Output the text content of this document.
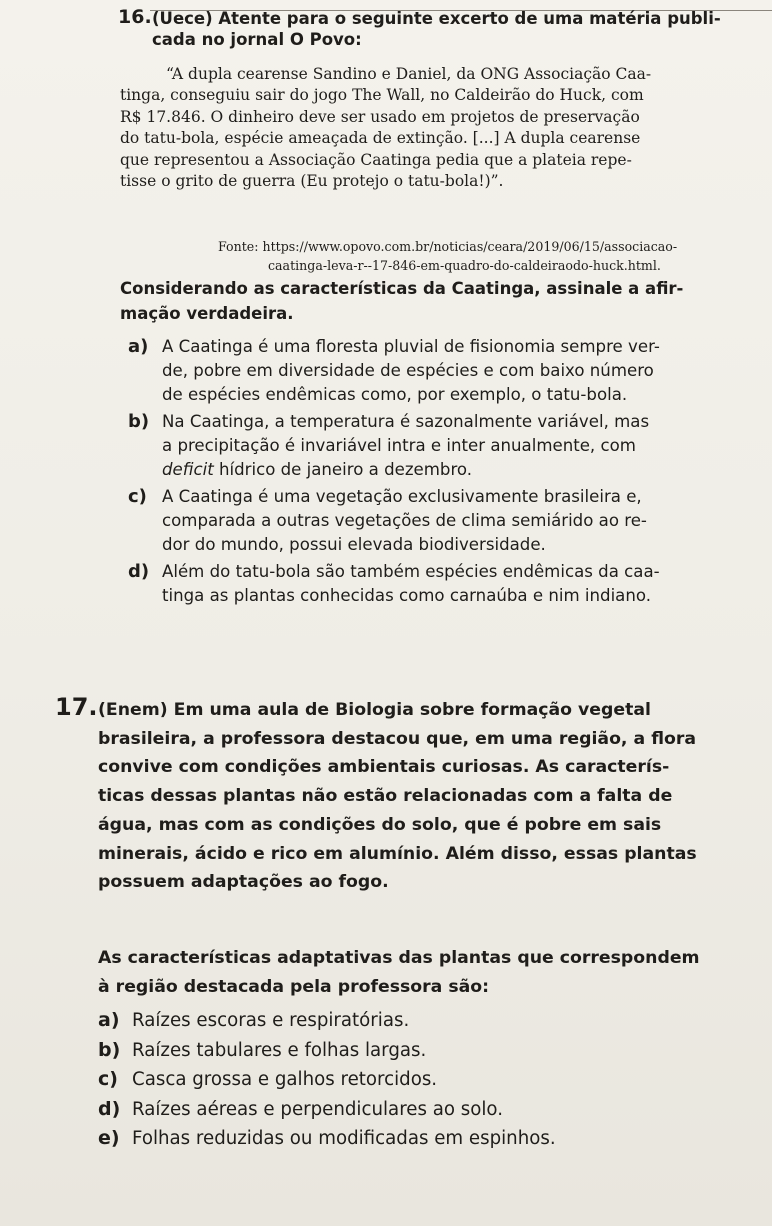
16. (Uece) Atente para o seguinte excerto de uma matéria publi-
cada no jornal O Povo:
“A dupla cearense Sandino e Daniel, da ONG Associação Caa-
tinga, conseguiu sair do jogo The Wall, no Caldeirão do Huck, com
R$ 17.846. O dinheiro deve ser usado em projetos de preservação
do tatu-bola, espécie ameaçada de extinção. [...] A dupla cearense
que representou a Associação Caatinga pedia que a plateia repe-
tisse o grito de guerra (Eu protejo o tatu-bola!)”.
Fonte: https://www.opovo.com.br/noticias/ceara/2019/06/15/associacao-
caatinga-leva-r--17-846-em-quadro-do-caldeiraodo-huck.html.
Considerando as características da Caatinga, assinale a afir-
mação verdadeira.
a) A Caatinga é uma floresta pluvial de fisionomia sempre ver-
de, pobre em diversidade de espécies e com baixo número
de espécies endêmicas como, por exemplo, o tatu-bola.
b) Na Caatinga, a temperatura é sazonalmente variável, mas
a precipitação é invariável intra e inter anualmente, com
deficit hídrico de janeiro a dezembro.
c) A Caatinga é uma vegetação exclusivamente brasileira e,
comparada a outras vegetações de clima semiárido ao re-
dor do mundo, possui elevada biodiversidade.
d) Além do tatu-bola são também espécies endêmicas da caa-
tinga as plantas conhecidas como carnaúba e nim indiano.
17. (Enem) Em uma aula de Biologia sobre formação vegetal
brasileira, a professora destacou que, em uma região, a flora
convive com condições ambientais curiosas. As caracterís-
ticas dessas plantas não estão relacionadas com a falta de
água, mas com as condições do solo, que é pobre em sais
minerais, ácido e rico em alumínio. Além disso, essas plantas
possuem adaptações ao fogo.
As características adaptativas das plantas que correspondem
à região destacada pela professora são:
a) Raízes escoras e respiratórias.
b) Raízes tabulares e folhas largas.
c) Casca grossa e galhos retorcidos.
d) Raízes aéreas e perpendiculares ao solo.
e) Folhas reduzidas ou modificadas em espinhos.
